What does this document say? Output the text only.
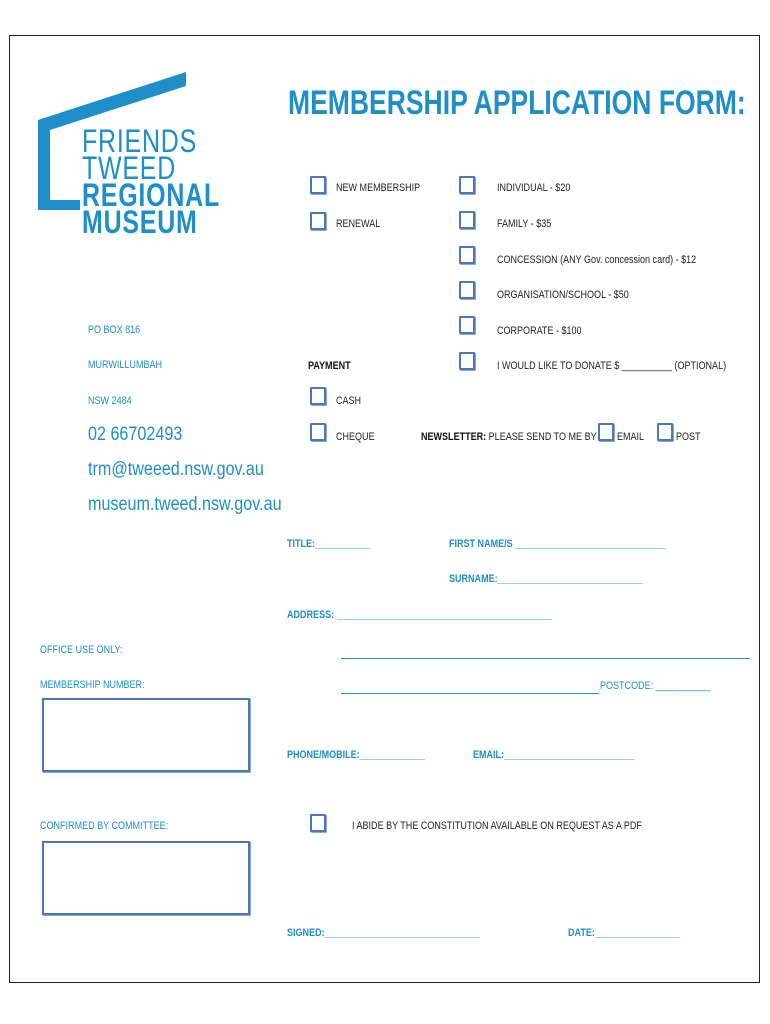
FRIENDS
TWEED
REGIONAL
MUSEUM
MEMBERSHIP APPLICATION FORM:
PO BOX 816
MURWILLUMBAH
NSW 2484
02 66702493
trm@tweeed.nsw.gov.au
museum.tweed.nsw.gov.au
NEW MEMBERSHIP
RENEWAL
INDIVIDUAL - $20
FAMILY - $35
CONCESSION (ANY Gov. concession card) - $12
ORGANISATION/SCHOOL - $50
CORPORATE - $100
I WOULD LIKE TO DONATE $ __________ (OPTIONAL)
PAYMENT
CASH
CHEQUE	NEWSLETTER: PLEASE SEND TO ME BY EMAIL	POST
TITLE:___________	FIRST NAME/S ______________________________
SURNAME:_____________________________
ADDRESS: ___________________________________________
POSTCODE: ___________
PHONE/MOBILE:_____________	EMAIL:__________________________
I ABIDE BY THE CONSTITUTION AVAILABLE ON REQUEST AS A PDF
SIGNED:_______________________________	DATE:_________________
OFFICE USE ONLY:
MEMBERSHIP NUMBER:
CONFIRMED BY COMMITTEE:
